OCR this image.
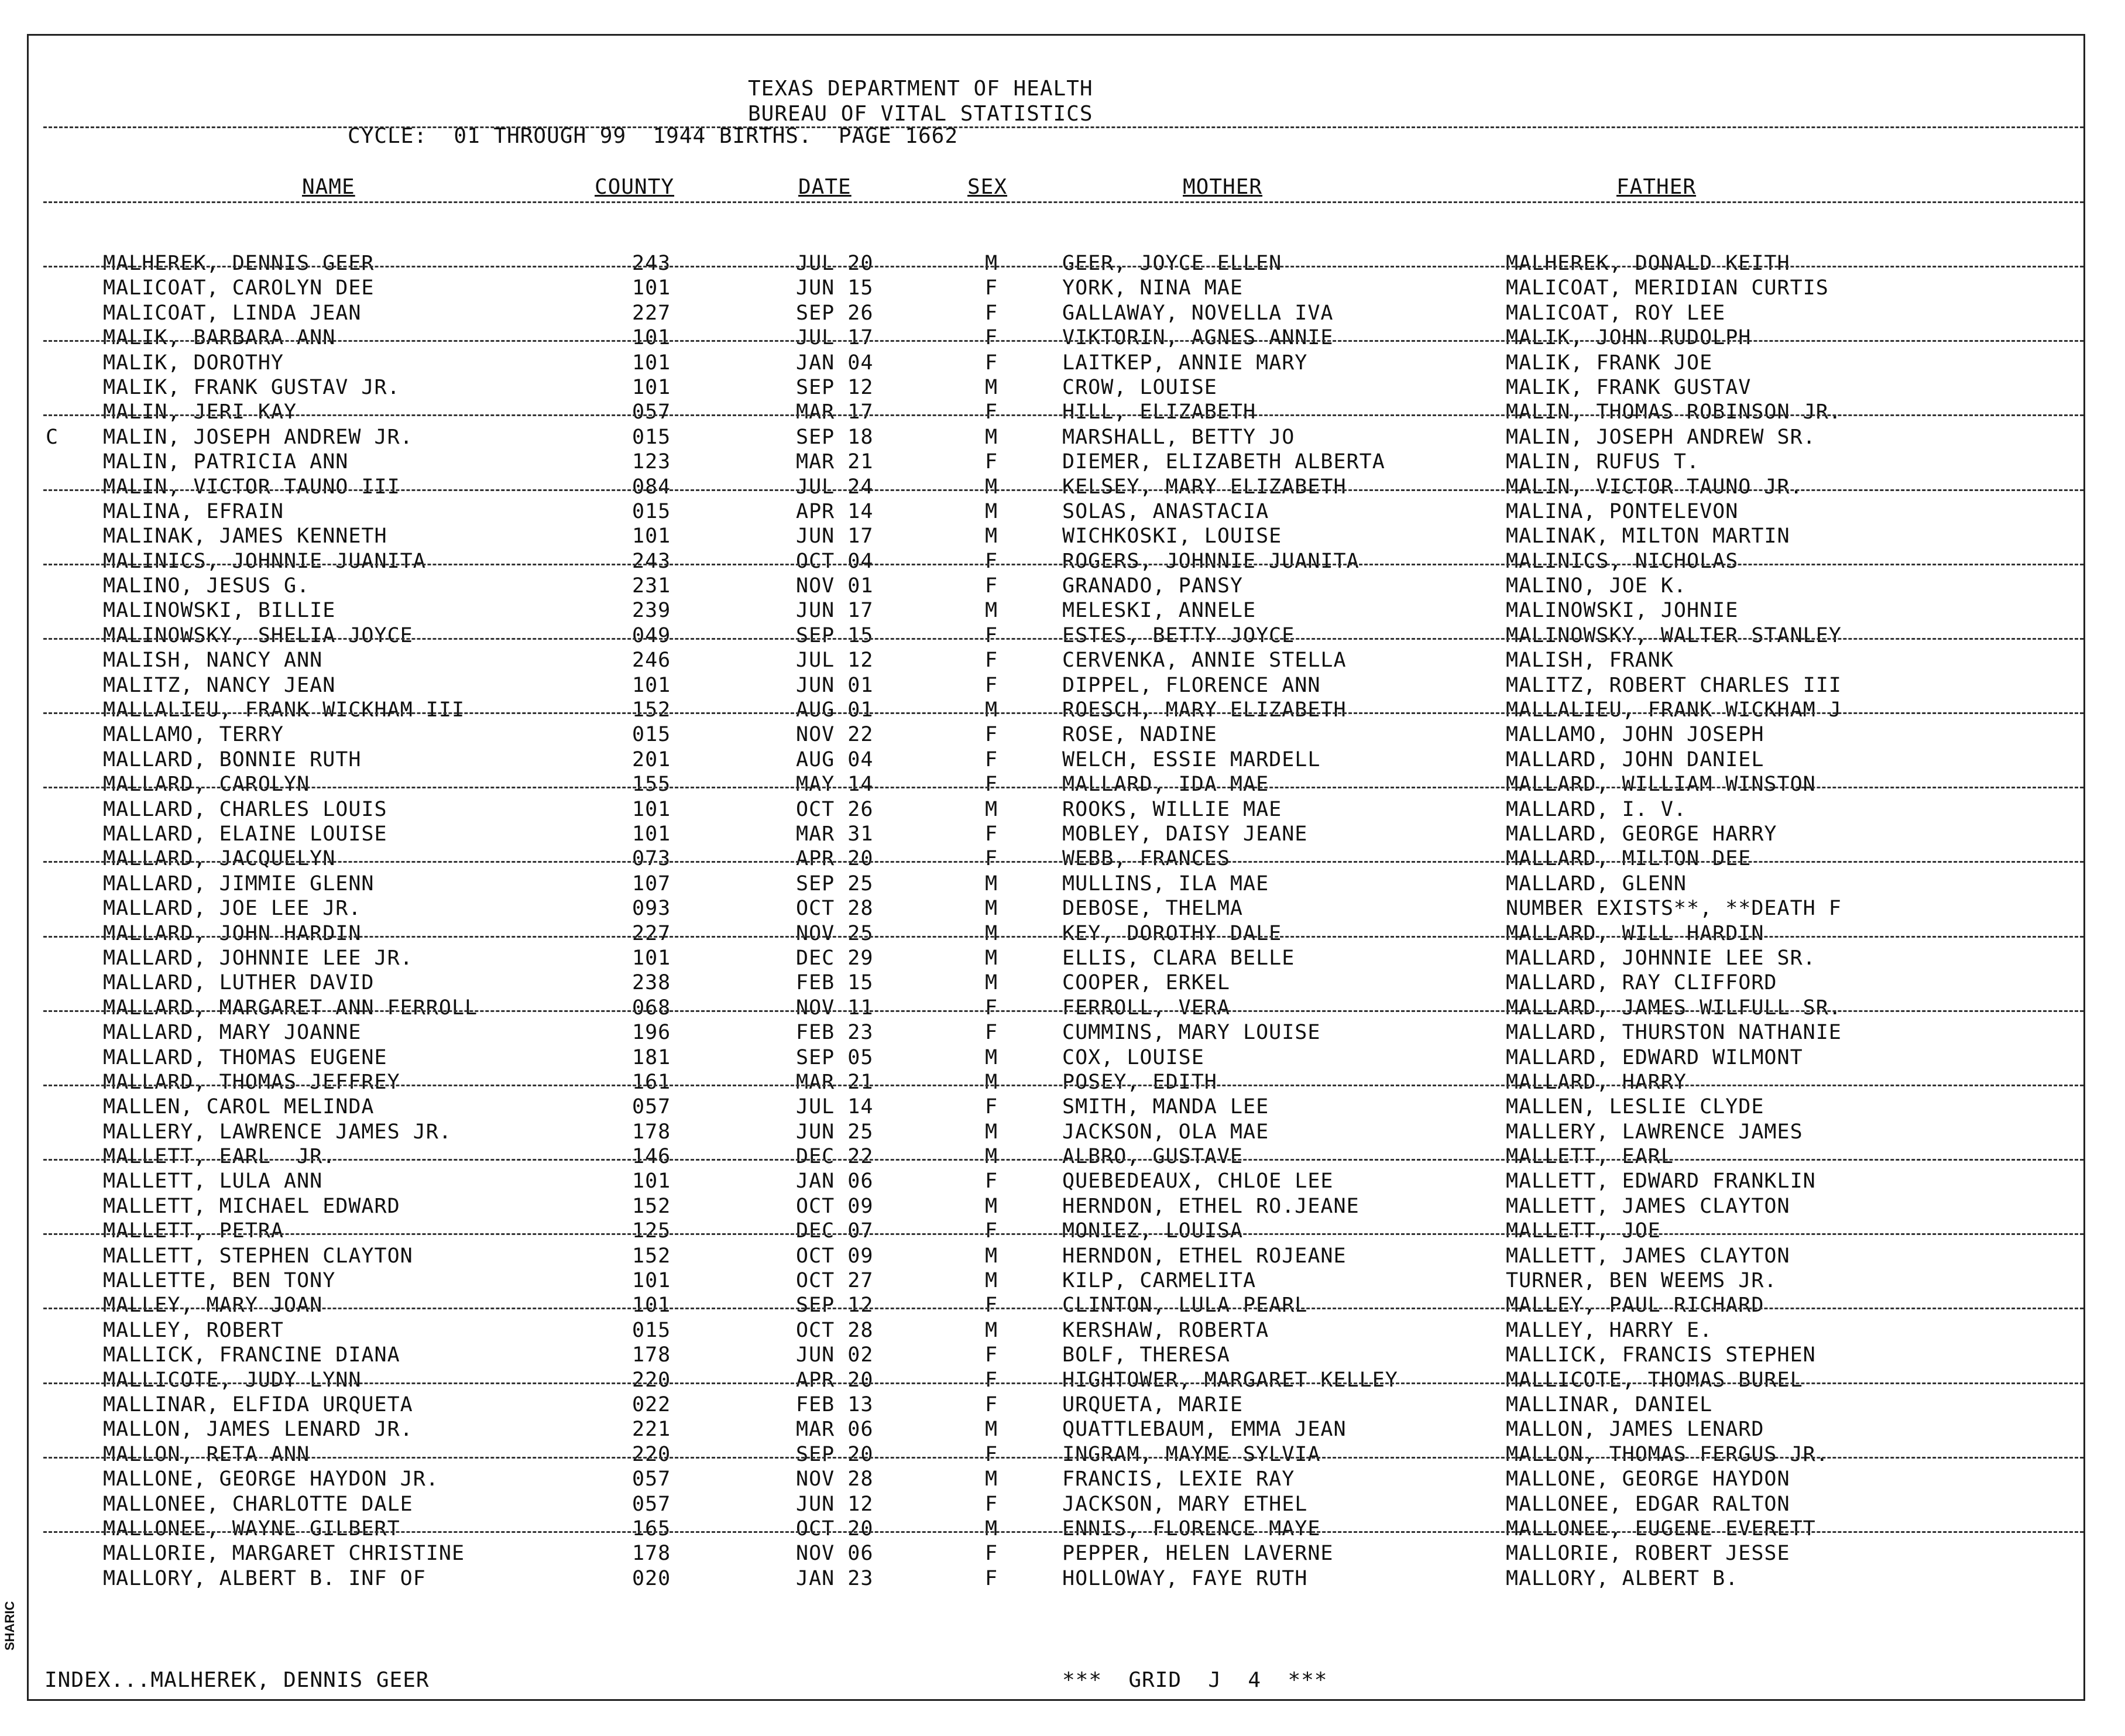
TEXAS DEPARTMENT OF HEALTH
BUREAU OF VITAL STATISTICS
CYCLE:  01 THROUGH 99  1944 BIRTHS.  PAGE 1662
NAME	COUNTY	DATE	SEX	MOTHER	FATHER
MALHEREK, DENNIS GEER	243	JUL 20	M	GEER, JOYCE ELLEN	MALHEREK, DONALD KEITH
MALICOAT, CAROLYN DEE	101	JUN 15	F	YORK, NINA MAE	MALICOAT, MERIDIAN CURTIS
MALICOAT, LINDA JEAN	227	SEP 26	F	GALLAWAY, NOVELLA IVA	MALICOAT, ROY LEE
MALIK, BARBARA ANN	101	JUL 17	F	VIKTORIN, AGNES ANNIE	MALIK, JOHN RUDOLPH
MALIK, DOROTHY	101	JAN 04	F	LAITKEP, ANNIE MARY	MALIK, FRANK JOE
MALIK, FRANK GUSTAV JR.	101	SEP 12	M	CROW, LOUISE	MALIK, FRANK GUSTAV
MALIN, JERI KAY	057	MAR 17	F	HILL, ELIZABETH	MALIN, THOMAS ROBINSON JR.
C MALIN, JOSEPH ANDREW JR.	015	SEP 18	M	MARSHALL, BETTY JO	MALIN, JOSEPH ANDREW SR.
MALIN, PATRICIA ANN	123	MAR 21	F	DIEMER, ELIZABETH ALBERTA	MALIN, RUFUS T.
MALIN, VICTOR TAUNO III	084	JUL 24	M	KELSEY, MARY ELIZABETH	MALIN, VICTOR TAUNO JR.
MALINA, EFRAIN	015	APR 14	M	SOLAS, ANASTACIA	MALINA, PONTELEVON
MALINAK, JAMES KENNETH	101	JUN 17	M	WICHKOSKI, LOUISE	MALINAK, MILTON MARTIN
MALINICS, JOHNNIE JUANITA	243	OCT 04	F	ROGERS, JOHNNIE JUANITA	MALINICS, NICHOLAS
MALINO, JESUS G.	231	NOV 01	F	GRANADO, PANSY	MALINO, JOE K.
MALINOWSKI, BILLIE	239	JUN 17	M	MELESKI, ANNELE	MALINOWSKI, JOHNIE
MALINOWSKY, SHELIA JOYCE	049	SEP 15	F	ESTES, BETTY JOYCE	MALINOWSKY, WALTER STANLEY
MALISH, NANCY ANN	246	JUL 12	F	CERVENKA, ANNIE STELLA	MALISH, FRANK
MALITZ, NANCY JEAN	101	JUN 01	F	DIPPEL, FLORENCE ANN	MALITZ, ROBERT CHARLES III
MALLALIEU, FRANK WICKHAM III	152	AUG 01	M	ROESCH, MARY ELIZABETH	MALLALIEU, FRANK WICKHAM J
MALLAMO, TERRY	015	NOV 22	F	ROSE, NADINE	MALLAMO, JOHN JOSEPH
MALLARD, BONNIE RUTH	201	AUG 04	F	WELCH, ESSIE MARDELL	MALLARD, JOHN DANIEL
MALLARD, CAROLYN	155	MAY 14	F	MALLARD, IDA MAE	MALLARD, WILLIAM WINSTON
MALLARD, CHARLES LOUIS	101	OCT 26	M	ROOKS, WILLIE MAE	MALLARD, I. V.
MALLARD, ELAINE LOUISE	101	MAR 31	F	MOBLEY, DAISY JEANE	MALLARD, GEORGE HARRY
MALLARD, JACQUELYN	073	APR 20	F	WEBB, FRANCES	MALLARD, MILTON DEE
MALLARD, JIMMIE GLENN	107	SEP 25	M	MULLINS, ILA MAE	MALLARD, GLENN
MALLARD, JOE LEE JR.	093	OCT 28	M	DEBOSE, THELMA	NUMBER EXISTS**, **DEATH F
MALLARD, JOHN HARDIN	227	NOV 25	M	KEY, DOROTHY DALE	MALLARD, WILL HARDIN
MALLARD, JOHNNIE LEE JR.	101	DEC 29	M	ELLIS, CLARA BELLE	MALLARD, JOHNNIE LEE SR.
MALLARD, LUTHER DAVID	238	FEB 15	M	COOPER, ERKEL	MALLARD, RAY CLIFFORD
MALLARD, MARGARET ANN FERROLL	068	NOV 11	F	FERROLL, VERA	MALLARD, JAMES WILFULL SR.
MALLARD, MARY JOANNE	196	FEB 23	F	CUMMINS, MARY LOUISE	MALLARD, THURSTON NATHANIE
MALLARD, THOMAS EUGENE	181	SEP 05	M	COX, LOUISE	MALLARD, EDWARD WILMONT
MALLARD, THOMAS JEFFREY	161	MAR 21	M	POSEY, EDITH	MALLARD, HARRY
MALLEN, CAROL MELINDA	057	JUL 14	F	SMITH, MANDA LEE	MALLEN, LESLIE CLYDE
MALLERY, LAWRENCE JAMES JR.	178	JUN 25	M	JACKSON, OLA MAE	MALLERY, LAWRENCE JAMES
MALLETT, EARL  JR.	146	DEC 22	M	ALBRO, GUSTAVE	MALLETT, EARL
MALLETT, LULA ANN	101	JAN 06	F	QUEBEDEAUX, CHLOE LEE	MALLETT, EDWARD FRANKLIN
MALLETT, MICHAEL EDWARD	152	OCT 09	M	HERNDON, ETHEL RO.JEANE	MALLETT, JAMES CLAYTON
MALLETT, PETRA	125	DEC 07	F	MONIEZ, LOUISA	MALLETT, JOE
MALLETT, STEPHEN CLAYTON	152	OCT 09	M	HERNDON, ETHEL ROJEANE	MALLETT, JAMES CLAYTON
MALLETTE, BEN TONY	101	OCT 27	M	KILP, CARMELITA	TURNER, BEN WEEMS JR.
MALLEY, MARY JOAN	101	SEP 12	F	CLINTON, LULA PEARL	MALLEY, PAUL RICHARD
MALLEY, ROBERT	015	OCT 28	M	KERSHAW, ROBERTA	MALLEY, HARRY E.
MALLICK, FRANCINE DIANA	178	JUN 02	F	BOLF, THERESA	MALLICK, FRANCIS STEPHEN
MALLICOTE, JUDY LYNN	220	APR 20	F	HIGHTOWER, MARGARET KELLEY	MALLICOTE, THOMAS BUREL
MALLINAR, ELFIDA URQUETA	022	FEB 13	F	URQUETA, MARIE	MALLINAR, DANIEL
MALLON, JAMES LENARD JR.	221	MAR 06	M	QUATTLEBAUM, EMMA JEAN	MALLON, JAMES LENARD
MALLON, RETA ANN	220	SEP 20	F	INGRAM, MAYME SYLVIA	MALLON, THOMAS FERGUS JR.
MALLONE, GEORGE HAYDON JR.	057	NOV 28	M	FRANCIS, LEXIE RAY	MALLONE, GEORGE HAYDON
MALLONEE, CHARLOTTE DALE	057	JUN 12	F	JACKSON, MARY ETHEL	MALLONEE, EDGAR RALTON
MALLONEE, WAYNE GILBERT	165	OCT 20	M	ENNIS, FLORENCE MAYE	MALLONEE, EUGENE EVERETT
MALLORIE, MARGARET CHRISTINE	178	NOV 06	F	PEPPER, HELEN LAVERNE	MALLORIE, ROBERT JESSE
MALLORY, ALBERT B. INF OF	020	JAN 23	F	HOLLOWAY, FAYE RUTH	MALLORY, ALBERT B.
INDEX...MALHEREK, DENNIS GEER	***  GRID  J  4  ***
SHARIC
